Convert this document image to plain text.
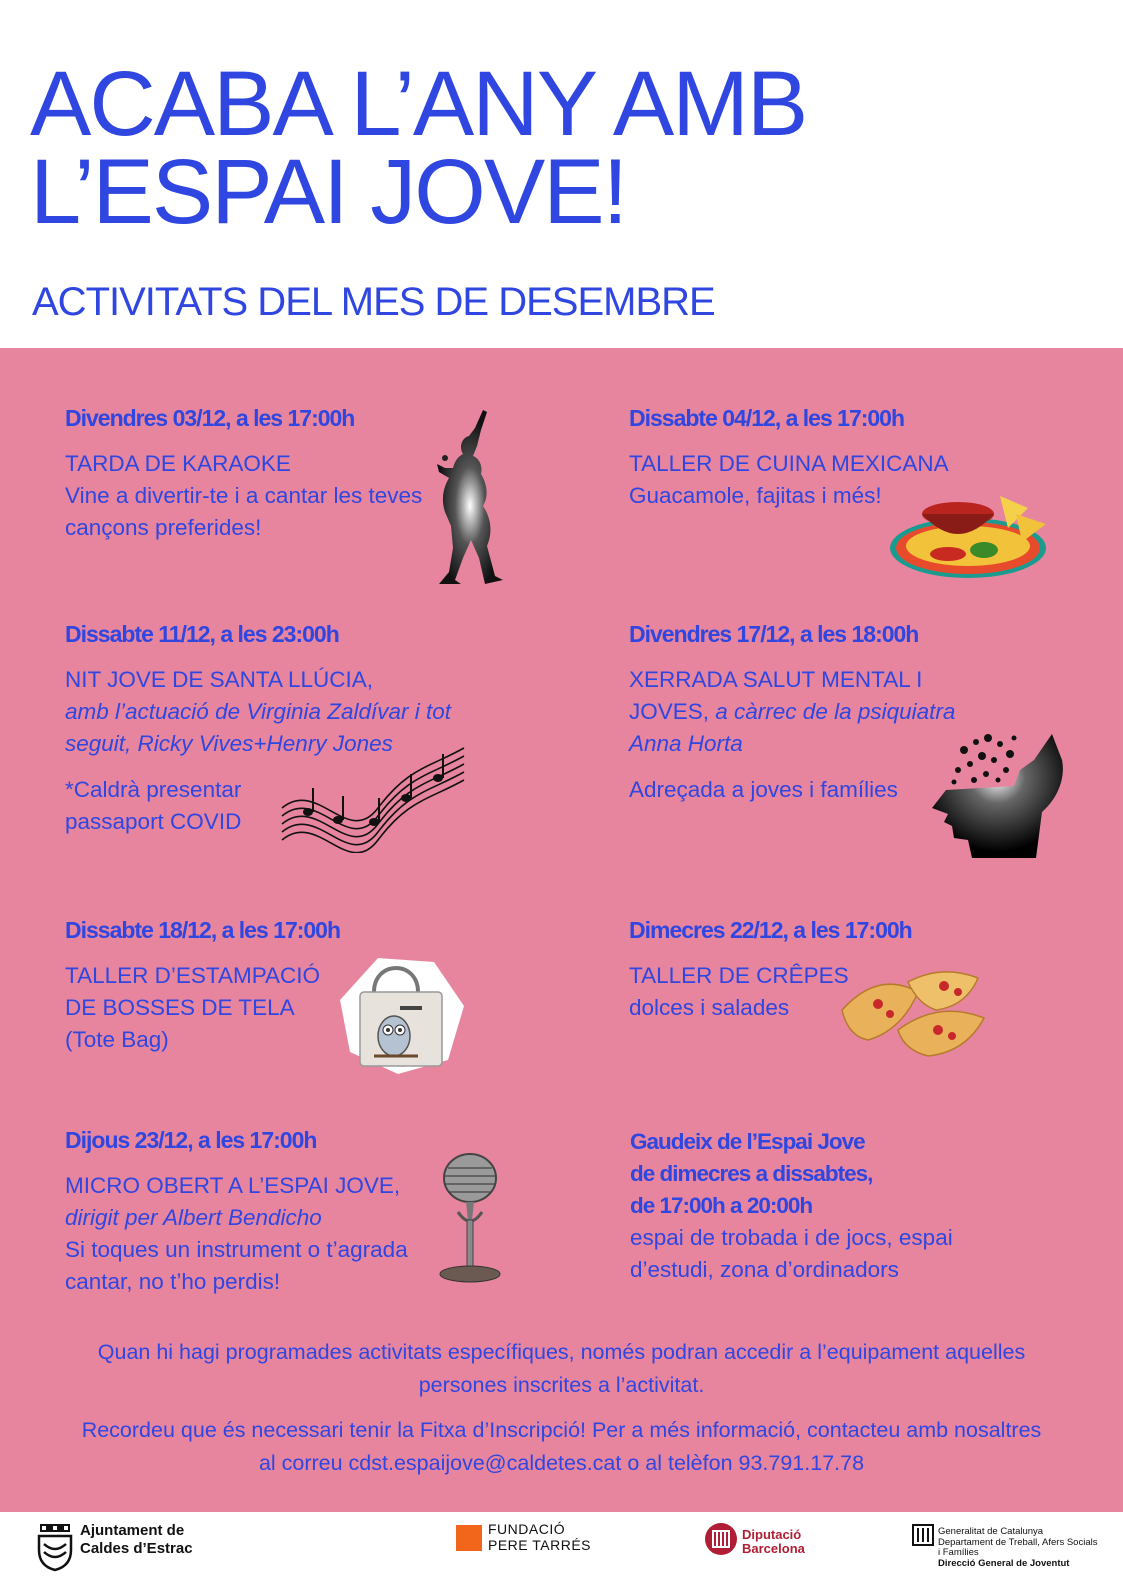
ACABA L’ANY AMB
L’ESPAI JOVE!
ACTIVITATS DEL MES DE DESEMBRE
Divendres 03/12, a les 17:00h

TARDA DE KARAOKE

Vine a divertir-te i a cantar les teves

cançons preferides!

Dissabte 04/12, a les 17:00h

TALLER DE CUINA MEXICANA

Guacamole, fajitas i més!

Dissabte 11/12, a les 23:00h

NIT JOVE DE SANTA LLÚCIA,

amb l’actuació de Virginia Zaldívar i tot

seguit, Ricky Vives+Henry Jones

*Caldrà presentar

passaport COVID

Divendres 17/12, a les 18:00h

XERRADA SALUT MENTAL I

JOVES, a càrrec de la psiquiatra

Anna Horta

Adreçada a joves i famílies

Dissabte 18/12, a les 17:00h

TALLER D’ESTAMPACIÓ

DE BOSSES DE TELA

(Tote Bag)

Dimecres 22/12, a les 17:00h

TALLER DE CRÊPES

dolces i salades

Dijous 23/12, a les 17:00h

MICRO OBERT A L’ESPAI JOVE,

dirigit per Albert Bendicho

Si toques un instrument o t’agrada

cantar, no t’ho perdis!

Gaudeix de l’Espai Jove

de dimecres a dissabtes,

de 17:00h a 20:00h

espai de trobada i de jocs, espai

d’estudi, zona d’ordinadors

Quan hi hagi programades activitats específiques, només podran accedir a l’equipament aquelles

persones inscrites a l’activitat.

Recordeu que és necessari tenir la Fitxa d’Inscripció! Per a més informació, contacteu amb nosaltres

al correu cdst.espaijove@caldetes.cat o al telèfon 93.791.17.78

Ajuntament de

Caldes d’Estrac

FUNDACIÓ

PERE TARRÉS

Diputació

Barcelona

Generalitat de Catalunya

Departament de Treball, Afers Socials

i Famílies

Direcció General de Joventut
